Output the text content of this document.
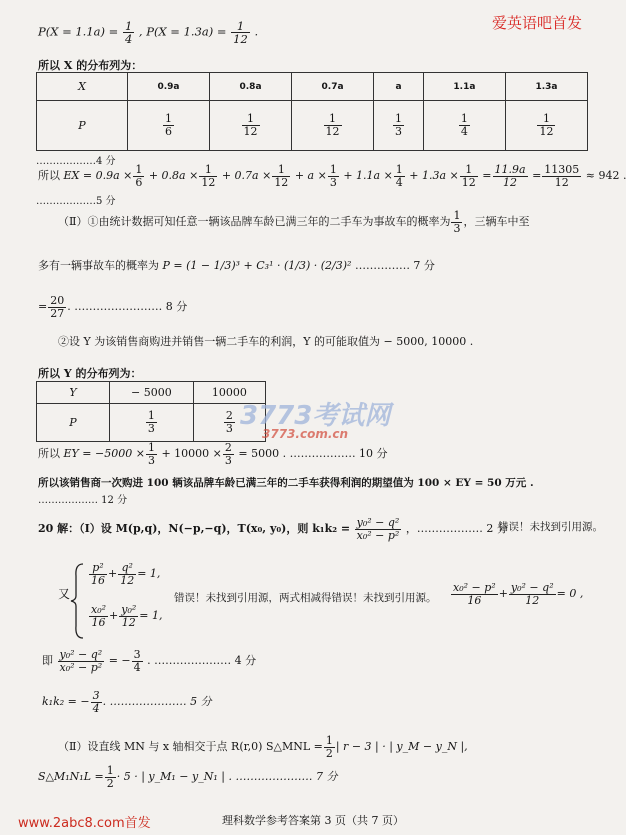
爱英语吧首发
$P(X = 1.1a) = \frac{1}{4}$ , $P(X = 1.3a) = \frac{1}{12}$ .
所以 X 的分布列为：
X	0.9a	0.8a	0.7a	a	1.1a	1.3a
P	$\frac{1}{6}$	$\frac{1}{12}$	$\frac{1}{12}$	$\frac{1}{3}$	$\frac{1}{4}$	$\frac{1}{12}$
………………4 分
所以 EX = $0.9a \times \frac{1}{6} + 0.8a \times \frac{1}{12} + 0.7a \times \frac{1}{12} + a \times \frac{1}{3} + 1.1a \times \frac{1}{4} + 1.3a \times \frac{1}{12} = \frac{11.9a}{12} = \frac{11305}{12} \approx 942$ .
………………5 分
（Ⅱ）①由统计数据可知任意一辆该品牌车龄已满三年的二手车为事故车的概率为 $\frac{1}{3}$ ，三辆车中至
多有一辆事故车的概率为 P = (1 − 1/3)³ + C₃¹ · (1/3) · (2/3)² …………… 7 分
= $\frac{20}{27}$ . …………………… 8 分
②设 Y 为该销售商购进并销售一辆二手车的利润，Y 的可能取值为 − 5000, 10000 .
所以 Y 的分布列为：
Y	− 5000	10000
P	$\frac{1}{3}$	$\frac{2}{3} 3773$考试网
3773.com.cn
所以 EY = $-5000 \times \frac{1}{3} + 10000 \times \frac{2}{3} = 5000$ . ……………… 10 分
所以该销售商一次购进 100 辆该品牌车龄已满三年的二手车获得利润的期望值为 100 × EY = 50 万元 .
……………… 12 分
20 解：（Ⅰ）设 M(p,q)，N(−p,−q)，T(x₀, y₀)，则 $k_1k_2 = \frac{\text{y₀² − q²}}{\text{x₀² − p²}}$ ，……………… 2 分
错误！未找到引用源。
又
$\frac{\text{p²}}{16} + \frac{\text{q²}}{12} = 1$,
$\frac{\text{x₀²}}{16} + \frac{\text{y₀²}}{12} = 1$,
错误！未找到引用源，两式相减得错误！未找到引用源。 $\frac{\text{x₀² − p²}}{16} + \frac{\text{y₀² − q²}}{12} = 0$ ,
即 $\frac{\text{y₀² − q²}}{\text{x₀² − p²}}$ = − $\frac{3}{4}$ . ………………… 4 分
k₁k₂ = − $\frac{3}{4}$ . ………………… 5 分
（Ⅱ）设直线 MN 与 x 轴相交于点 R(r,0) S△MNL = $\frac{1}{2}$ | r − 3 | · | y_M − y_N |,
S△M₁N₁L = $\frac{1}{2} \cdot 5$ · | y_M₁ − y_N₁ | . ………………… 7 分
www.2abc8.com首发	理科数学参考答案第 3 页（共 7 页）
